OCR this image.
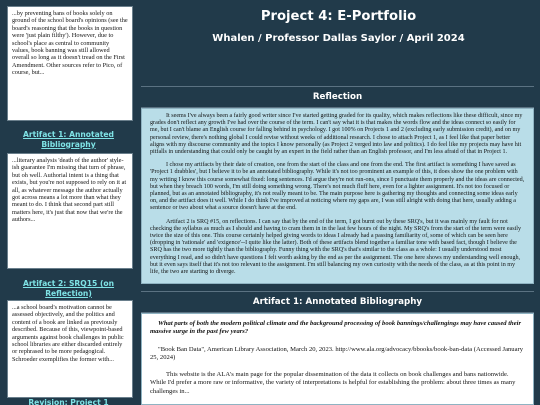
...by preventing bans of books solely on ground of the school board's opinions (see the board's reasoning that the books in question were 'just plain filthy'). However, due to school's place as central to community values, book banning was still allowed overall so long as it doesn't tread on the First Amendment. Other sources refer to Pico, of course, but...
Artifact 1: Annotated Bibliography
...literary analysis 'death of the author' style-ish guarantee I'm missing that turn of phrase, but oh well. Authorial intent is a thing that exists, but you're not supposed to rely on it at all, as whatever message the author actually got across means a lot more than what they meant to do. I think that second part still matters here, it's just that now that we're the authors...
Artifact 2: SRQ15 (on Reflection)
...a school board's motivation cannot be assessed objectively, and the politics and content of a book are linked as previously described. Because of this, viewpoint-based arguments against book challenges in public school libraries are either discarded entirely or rephrased to be more pedagogical. Schroeder exemplifies the former with...
Revision: Project 1
Project 4: E-Portfolio
Whalen / Professor Dallas Saylor / April 2024
Reflection

It seems I've always been a fairly good writer since I've started getting graded for its quality, which makes reflections like these difficult, since my grades don't reflect any growth I've had over the course of the term. I can't say what it is that makes the words flow and the ideas connect so easily for me, but I can't blame an English course for falling behind in psychology. I got 100% on Projects 1 and 2 (excluding early submission credit), and on my personal review, there's nothing global I could revise without weeks of additional research. I chose to attach Project 1, as I feel like that paper better aligns with my discourse community and the topics I know personally (as Project 2 verged into law and politics). I do feel like my projects may have hit pitfalls in understanding that could only be caught by an expert in the field rather than an English professor, and I'm less afraid of that in Project 1.

I chose my artifacts by their date of creation, one from the start of the class and one from the end. The first artifact is something I have saved as 'Project 1 drabbles', but I believe it to be an annotated bibliography. While it's not too prominent an example of this, it does show the one problem with my writing I know this course somewhat fixed: long sentences. I'd argue they're not run-ons, since I punctuate them properly and the ideas are connected, but when they breach 100 words, I'm still doing something wrong. There's not much fluff here, even for a lighter assignment. It's not too focused or planned, but as an annotated bibliography, it's not really meant to be. The main purpose here is gathering my thoughts and connecting some ideas early on, and the artifact does it well. While I do think I've improved at noticing where my gaps are, I was still alright with doing that here, usually adding a sentence or two about what a source doesn't have at the end.

Artifact 2 is SRQ #15, on reflections. I can say that by the end of the term, I got burnt out by these SRQ's, but it was mainly my fault for not checking the syllabus as much as I should and having to cram them in in the last few hours of the night. My SRQ's from the start of the term were easily twice the size of this one. This course certainly helped giving words to ideas I already had a passing familiarity of, some of which can be seen here (dropping in 'rationale' and 'exigence'--I quite like the latter). Both of these artifacts blend together a familiar tone with based fact, though I believe the SRQ has the two more tightly than the bibliography. Funny thing with the SRQ's that's similar to the class as a whole: I usually understood most everything I read, and so didn't have questions I felt worth asking by the end as per the assignment. The one here shows my understanding well enough, but it even says itself that it's not too relevant to the assignment. I'm still balancing my own curiosity with the needs of the class, as at this point in my life, the two are starting to diverge.

Artifact 1: Annotated Bibliography

What parts of both the modern political climate and the background processing of book bannings/challengings may have caused their massive surge in the past few years?

"Book Ban Data", American Library Association, March 20, 2023. http://www.ala.org/advocacy/bbooks/book-ban-data (Accessed January 25, 2024)

This website is the ALA's main page for the popular dissemination of the data it collects on book challenges and bans nationwide. While I'd prefer a more raw or informative, the variety of interpretations is helpful for establishing the problem: about three times as many challenges in...
